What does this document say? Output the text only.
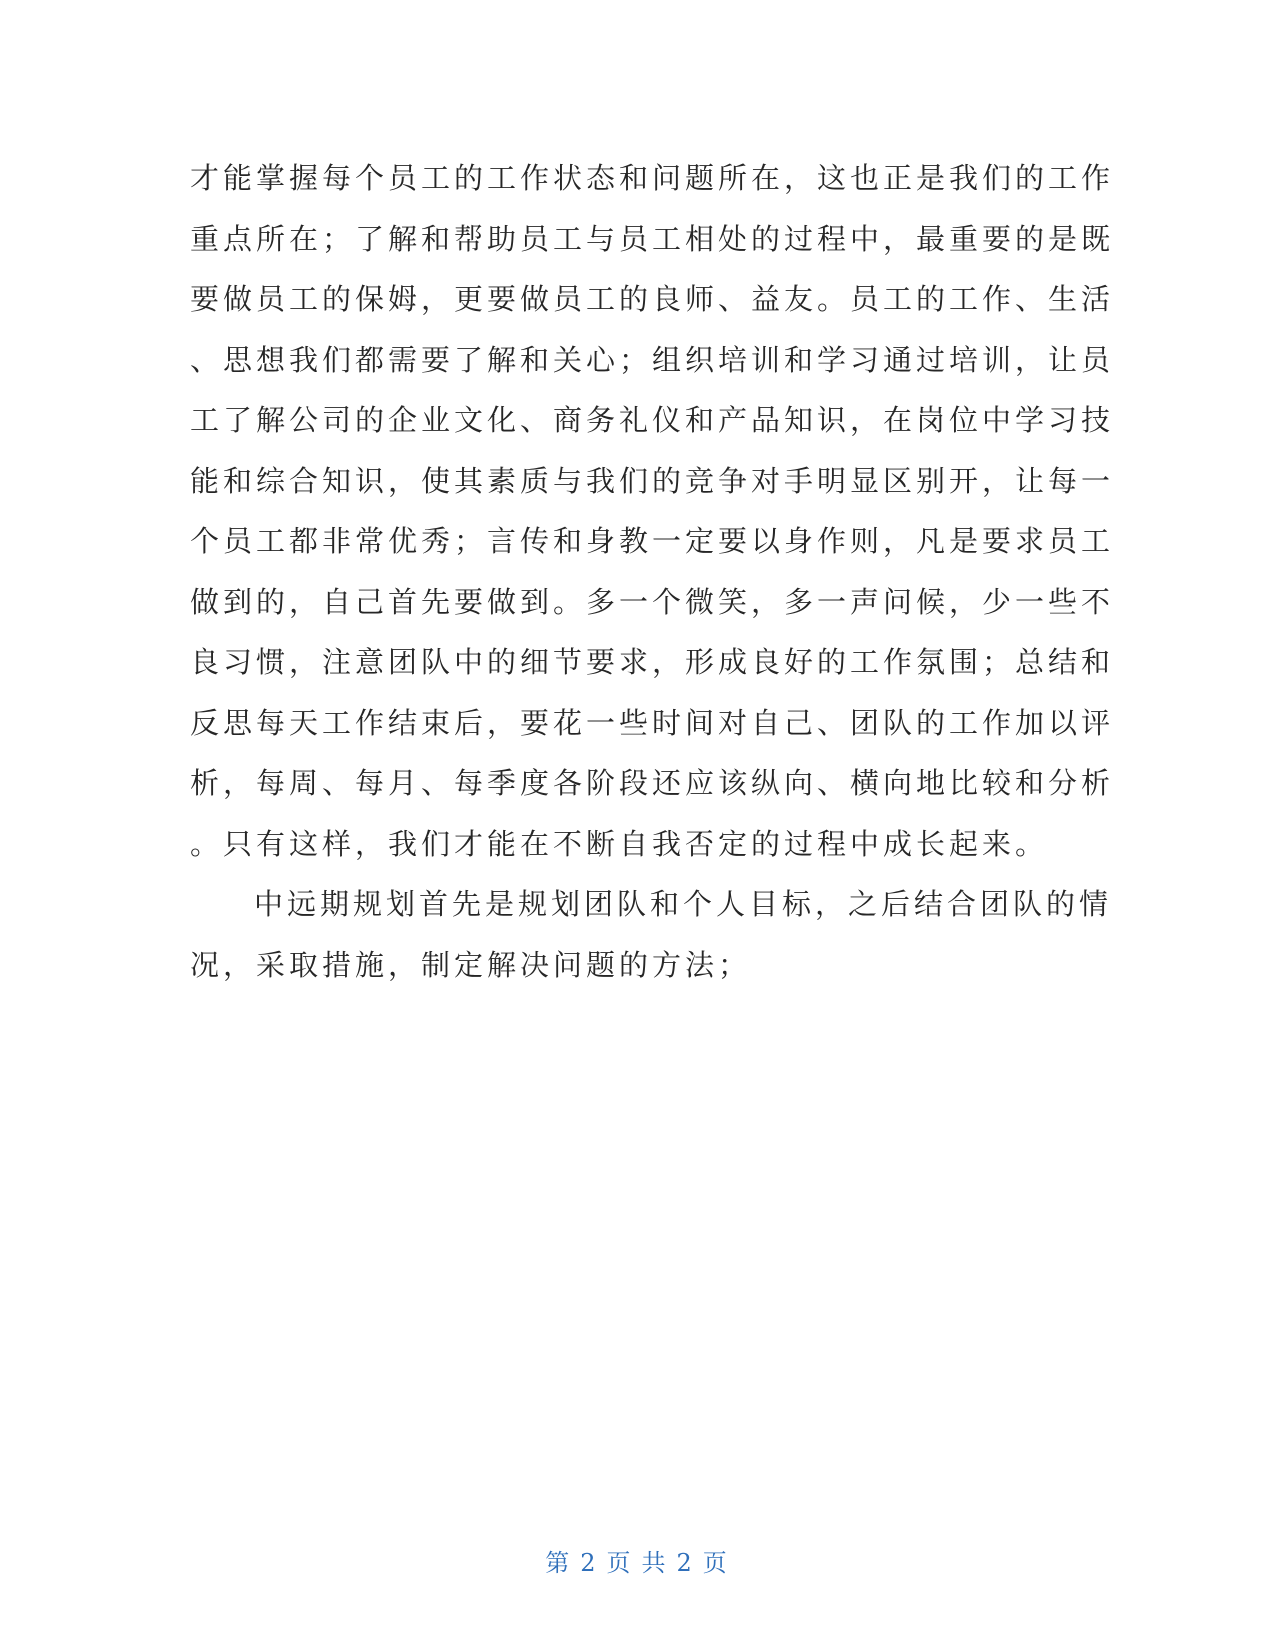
才能掌握每个员工的工作状态和问题所在，这也正是我们的工作
重点所在；了解和帮助员工与员工相处的过程中，最重要的是既
要做员工的保姆，更要做员工的良师、益友。员工的工作、生活
、思想我们都需要了解和关心；组织培训和学习通过培训，让员
工了解公司的企业文化、商务礼仪和产品知识，在岗位中学习技
能和综合知识，使其素质与我们的竞争对手明显区别开，让每一
个员工都非常优秀；言传和身教一定要以身作则，凡是要求员工
做到的，自己首先要做到。多一个微笑，多一声问候，少一些不
良习惯，注意团队中的细节要求，形成良好的工作氛围；总结和
反思每天工作结束后，要花一些时间对自己、团队的工作加以评
析，每周、每月、每季度各阶段还应该纵向、横向地比较和分析
。只有这样，我们才能在不断自我否定的过程中成长起来。
中远期规划首先是规划团队和个人目标，之后结合团队的情
况，采取措施，制定解决问题的方法；
第 2 页 共 2 页
